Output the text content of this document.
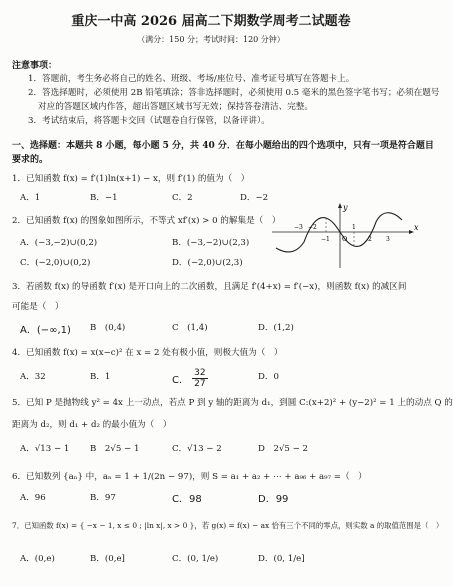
重庆一中高 2026 届高二下期数学周考二试题卷
（满分：150 分；考试时间：120 分钟）
注意事项：
1．答题前，考生务必将自己的姓名、班级、考场/座位号、准考证号填写在答题卡上。
2．答选择题时，必须使用 2B 铅笔填涂；答非选择题时，必须使用 0.5 毫米的黑色签字笔书写；必须在题号
对应的答题区域内作答，超出答题区域书写无效；保持答卷清洁、完整。
3．考试结束后，将答题卡交回（试题卷自行保管，以备评讲）。
一、选择题：本题共 8 小题，每小题 5 分，共 40 分．在每小题给出的四个选项中，只有一项是符合题目
要求的。
1．已知函数 f(x) = f′(1)ln(x+1) − x，则 f′(1) 的值为（　）
A．1	B．−1	C．2	D．−2
2．已知函数 f(x) 的图象如图所示，不等式 xf′(x) > 0 的解集是（　）
A．(−3,−2)∪(0,2)	B．(−3,−2)∪(2,3)
C．(−2,0)∪(0,2)	D．(−2,0)∪(2,3)
x
y
O
−3 −2
−1
1
2 3
3．若函数 f(x) 的导函数 f′(x) 是开口向上的二次函数，且满足 f′(4+x) = f′(−x)，则函数 f(x) 的减区间
可能是（　）
A．(−∞,1) B　(0,4)	C　(1,4)	D．(1,2)
4．已知函数 f(x) = x(x−c)² 在 x = 2 处有极小值，则极大值为（　）
A．32	B．1	C． $\frac{32}{27}$	D．0
5．已知 P 是抛物线 y² = 4x 上一动点，若点 P 到 y 轴的距离为 d₁，到圆 C:(x+2)² + (y−2)² = 1 上的动点 Q 的
距离为 d₂，则 d₁ + d₂ 的最小值为（　）
A．√13 − 1 B　2√5 − 1	C．√13 − 2	D　2√5 − 2
6．已知数列 {aₙ} 中，aₙ = 1 + 1/(2n − 97)，则 S = a₁ + a₂ + ⋯ + a₉₆ + a₉₇ =（　）
A．96	B．97	C．98	D．99
7．已知函数 f(x) = { −x − 1, x ≤ 0 ; |ln x|, x > 0 }，若 g(x) = f(x) − ax 恰有三个不同的零点，则实数 a 的取值范围是（　）
A．(0,e)	B．(0,e]	C．(0, 1/e)	D．(0, 1/e]
